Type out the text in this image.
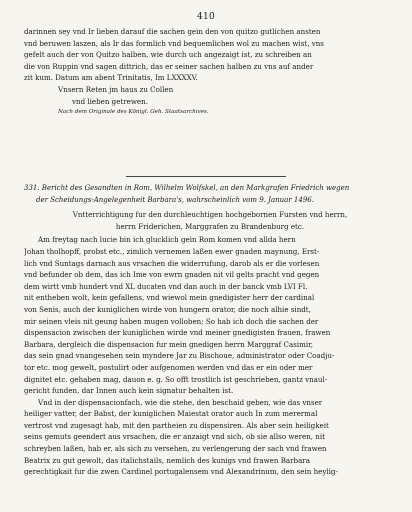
410
darinnen sey vnd Ir lieben darauf die sachen gein den von quitzo gutlichen ansten
vnd beruwen laszen, als Ir das formlich vnd bequemlichen wol zu machen wist, vns
gefelt auch der von Quitzo halben, wie durch uch angezaigt ist, zu schreiben an
die von Ruppin vnd sagen dittrich, das er seiner sachen halben zu vns auf ander
zit kum. Datum am abent Trinitatis, Im LXXXXV.
Vnsern Reten jm haus zu Collen
vnd lieben getrewen.
Nach dem Originale des Königl. Geh. Staatsarchives.
331. Bericht des Gesandten in Rom, Wilhelm Wolfskel, an den Markgrafen Friedrich wegen
der Scheidungs-Angelegenheit Barbara's, wahrscheinlich vom 9. Januar 1496.
Vntterrichtigung fur den durchleuchtigen hochgebornen Fursten vnd herrn,
herrn Friderichen, Marggrafen zu Brandenburg etc.
Am freytag nach lucie bin ich glucklich gein Rom komen vnd allda hern
Johan tholhopff, probst etc., zimlich vernemen laßen ewer gnaden maynung, Erst-
lich vnd Suntags darnach aus vrsachen die widerrufung, darob als er die vorlesen
vnd befunder ob dem, das ich Ime von ewrn gnaden nit vil gelts pracht vnd gegen
dem wirtt vmb hundert vnd XL ducaten vnd dan auch in der banck vmb LVI Fl.
nit entheben wolt, kein gefallens, vnd wiewol mein gnedigister herr der cardinal
von Senis, auch der kuniglichen wirde von hungern orator, die noch alhie sindt,
mir seinen vleis nit geung haben mugen volloben; So hab ich doch die sachen der
dispensacion zwischen der kuniglichen wirde vnd meiner gnedigisten frauen, frawen
Barbara, dergleich die dispensacion fur mein gnedigen herrn Marggraf Casimir,
das sein gnad vnangesehen sein myndere Jar zu Bischoue, administrator oder Coadju-
tor etc. mog gewelt, postulirt oder aufgenomen werden vnd das er ein oder mer
dignitet etc. gehaben mag, dauon e. g. So offt trostlich ist geschrieben, gantz vnaul-
gericht funden, dar Innen auch kein signatur behalten ist.
Vnd in der dispensacionfach, wie die stehe, den beschaid geben, wie das vnser
heiliger vatter, der Babst, der kuniglichen Maiestat orator auch In zum merermal
vertrost vnd zugesagt hab, mit den partheien zu dispensiren. Als aber sein heiligkeit
seins gemuts geendert aus vrsachen, die er anzaigt vnd sich, ob sie allso weren, nit
schreyben laßen, hab er, als sich zu versehen, zu verlengerung der sach vnd frawen
Beatrix zu gut gewolt, das italichstails, nemlich des kunigs vnd frawen Barbara
gerechtigkait fur die zwen Cardinel portugalensem vnd Alexandrinum, den sein heylig-
